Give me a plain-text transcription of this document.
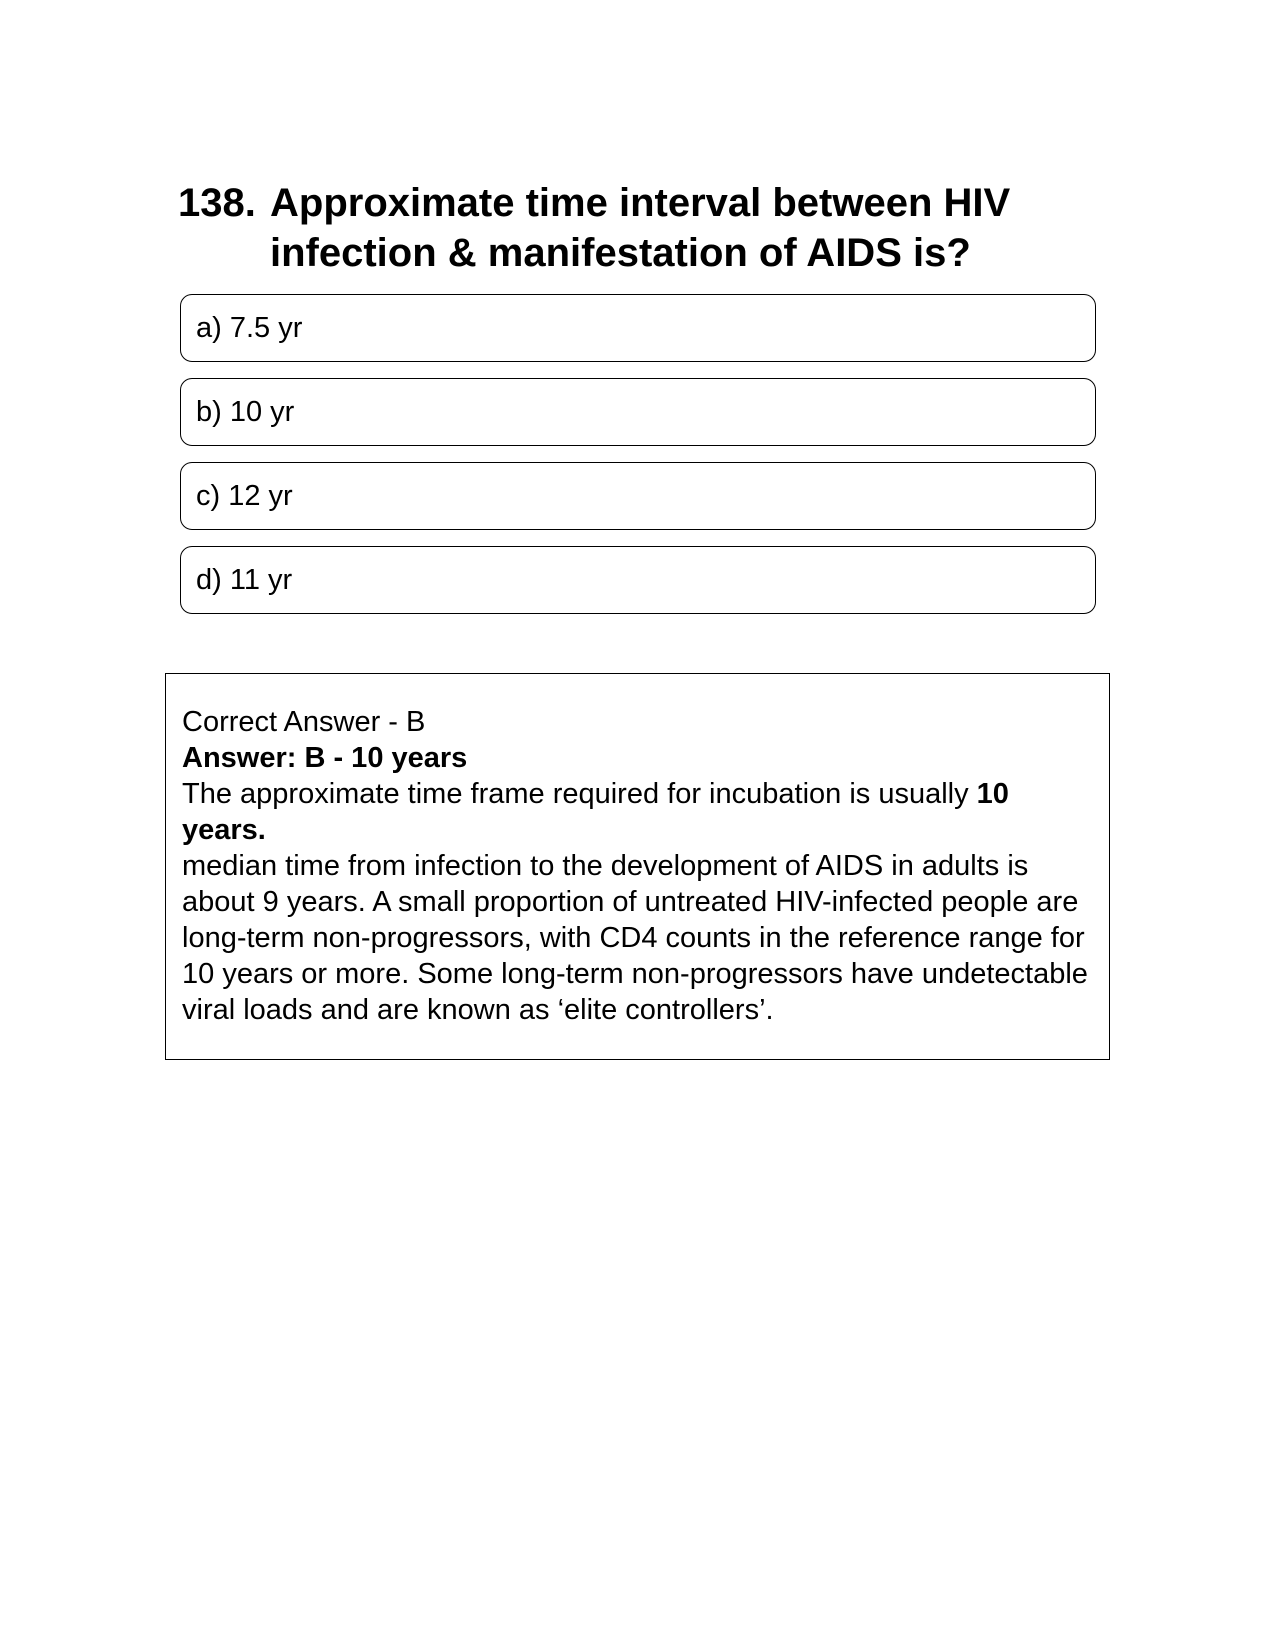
138. Approximate time interval between HIV infection & manifestation of AIDS is?
a) 7.5 yr
b) 10 yr
c) 12 yr
d) 11 yr

Correct Answer - B

Answer: B - 10 years

The approximate time frame required for incubation is usually 10 years.

median time from infection to the development of AIDS in adults is about 9 years. A small proportion of untreated HIV-infected people are long-term non-progressors, with CD4 counts in the reference range for 10 years or more. Some long-term non-progressors have undetectable viral loads and are known as ‘elite controllers’.
